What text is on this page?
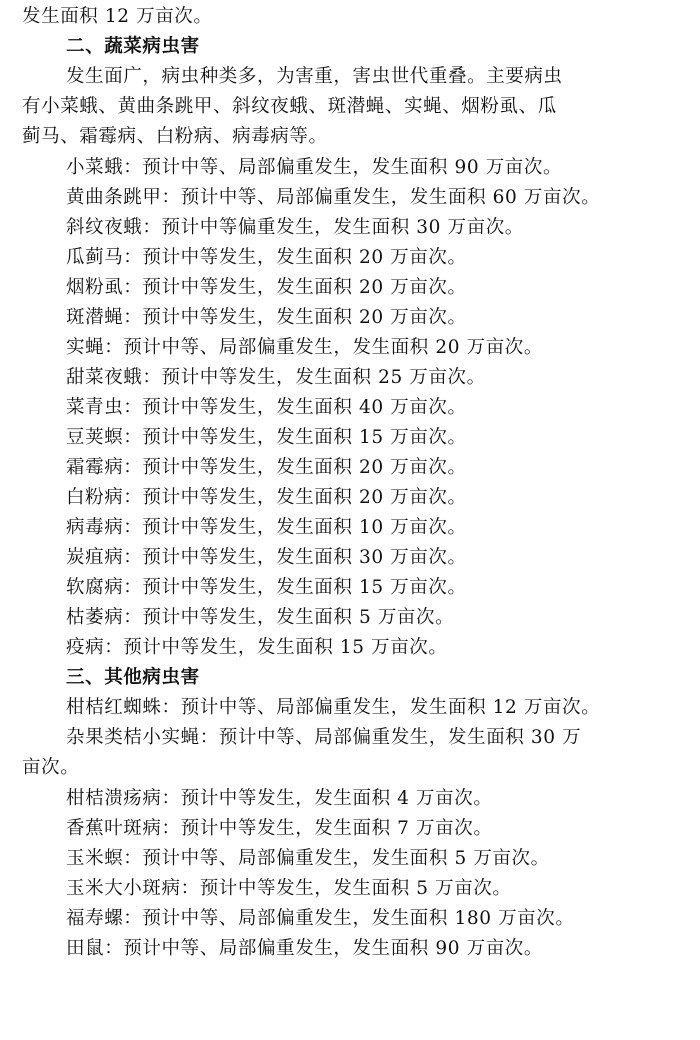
发生面积 12 万亩次。
二、蔬菜病虫害
发生面广，病虫种类多，为害重，害虫世代重叠。主要病虫
有小菜蛾、黄曲条跳甲、斜纹夜蛾、斑潜蝇、实蝇、烟粉虱、瓜
蓟马、霜霉病、白粉病、病毒病等。
小菜蛾：预计中等、局部偏重发生，发生面积 90 万亩次。
黄曲条跳甲：预计中等、局部偏重发生，发生面积 60 万亩次。
斜纹夜蛾：预计中等偏重发生，发生面积 30 万亩次。
瓜蓟马：预计中等发生，发生面积 20 万亩次。
烟粉虱：预计中等发生，发生面积 20 万亩次。
斑潜蝇：预计中等发生，发生面积 20 万亩次。
实蝇：预计中等、局部偏重发生，发生面积 20 万亩次。
甜菜夜蛾：预计中等发生，发生面积 25 万亩次。
菜青虫：预计中等发生，发生面积 40 万亩次。
豆荚螟：预计中等发生，发生面积 15 万亩次。
霜霉病：预计中等发生，发生面积 20 万亩次。
白粉病：预计中等发生，发生面积 20 万亩次。
病毒病：预计中等发生，发生面积 10 万亩次。
炭疽病：预计中等发生，发生面积 30 万亩次。
软腐病：预计中等发生，发生面积 15 万亩次。
枯萎病：预计中等发生，发生面积 5 万亩次。
疫病：预计中等发生，发生面积 15 万亩次。
三、其他病虫害
柑桔红蜘蛛：预计中等、局部偏重发生，发生面积 12 万亩次。
杂果类桔小实蝇：预计中等、局部偏重发生，发生面积 30 万
亩次。
柑桔溃疡病：预计中等发生，发生面积 4 万亩次。
香蕉叶斑病：预计中等发生，发生面积 7 万亩次。
玉米螟：预计中等、局部偏重发生，发生面积 5 万亩次。
玉米大小斑病：预计中等发生，发生面积 5 万亩次。
福寿螺：预计中等、局部偏重发生，发生面积 180 万亩次。
田鼠：预计中等、局部偏重发生，发生面积 90 万亩次。
